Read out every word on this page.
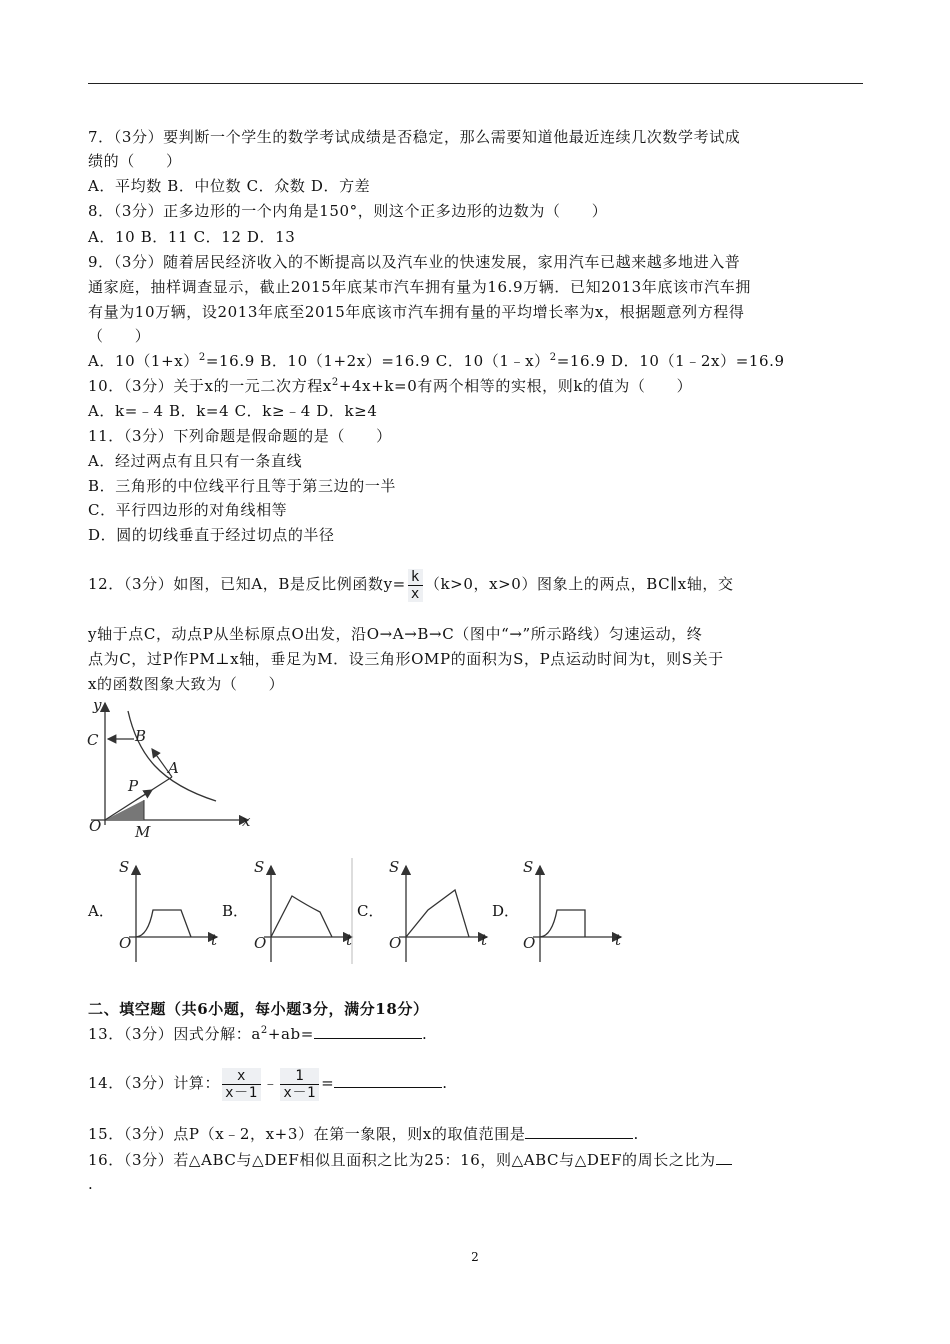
7．（3分）要判断一个学生的数学考试成绩是否稳定，那么需要知道他最近连续几次数学考试成
绩的（　　）
A．平均数 B．中位数 C．众数 D．方差
8．（3分）正多边形的一个内角是150°，则这个正多边形的边数为（　　）
A．10 B．11 C．12 D．13
9．（3分）随着居民经济收入的不断提高以及汽车业的快速发展，家用汽车已越来越多地进入普
通家庭，抽样调查显示，截止2015年底某市汽车拥有量为16.9万辆．已知2013年底该市汽车拥
有量为10万辆，设2013年底至2015年底该市汽车拥有量的平均增长率为x，根据题意列方程得
（　　）
A．$10(1+x)^2=16.9$ B．10（1+2x）=16.9 C．10（1﹣x）$^2$=16.9 D．10（1﹣2x）=16.9
10．（3分）关于x的一元二次方程$x^2+4x+k=0$有两个相等的实根，则k的值为（　　）
A．k=﹣4 B．k=4 C．k≥﹣4 D．k≥4
11．（3分）下列命题是假命题的是（　　）
A．经过两点有且只有一条直线
B．三角形的中位线平行且等于第三边的一半
C．平行四边形的对角线相等
D．圆的切线垂直于经过切点的半径
12．（3分）如图，已知A，B是反比例函数$y= \frac{k}{x} (k>0$，x>0）图象上的两点，BC∥x轴，交
y轴于点C，动点P从坐标原点O出发，沿O→A→B→C（图中“→”所示路线）匀速运动，终
点为C，过P作PM⊥x轴，垂足为M．设三角形OMP的面积为S，P点运动时间为t，则S关于
x的函数图象大致为（　　）
y
x
C B
A
P
O M
A．
S
t
O
B．
S
t
O
C．
S
t
O
D．
S
t
O
二、填空题（共6小题，每小题3分，满分18分）
13．（3分）因式分解：$a^2+ab=$	.
14．（3分）计算： $\frac{x}{x-1}$ ﹣ $\frac{1}{x-1}$ =	.
15．（3分）点P（x﹣2，x+3）在第一象限，则x的取值范围是	.
16．（3分）若△ABC与△DEF相似且面积之比为25：16，则△ABC与△DEF的周长之比为
.
2
